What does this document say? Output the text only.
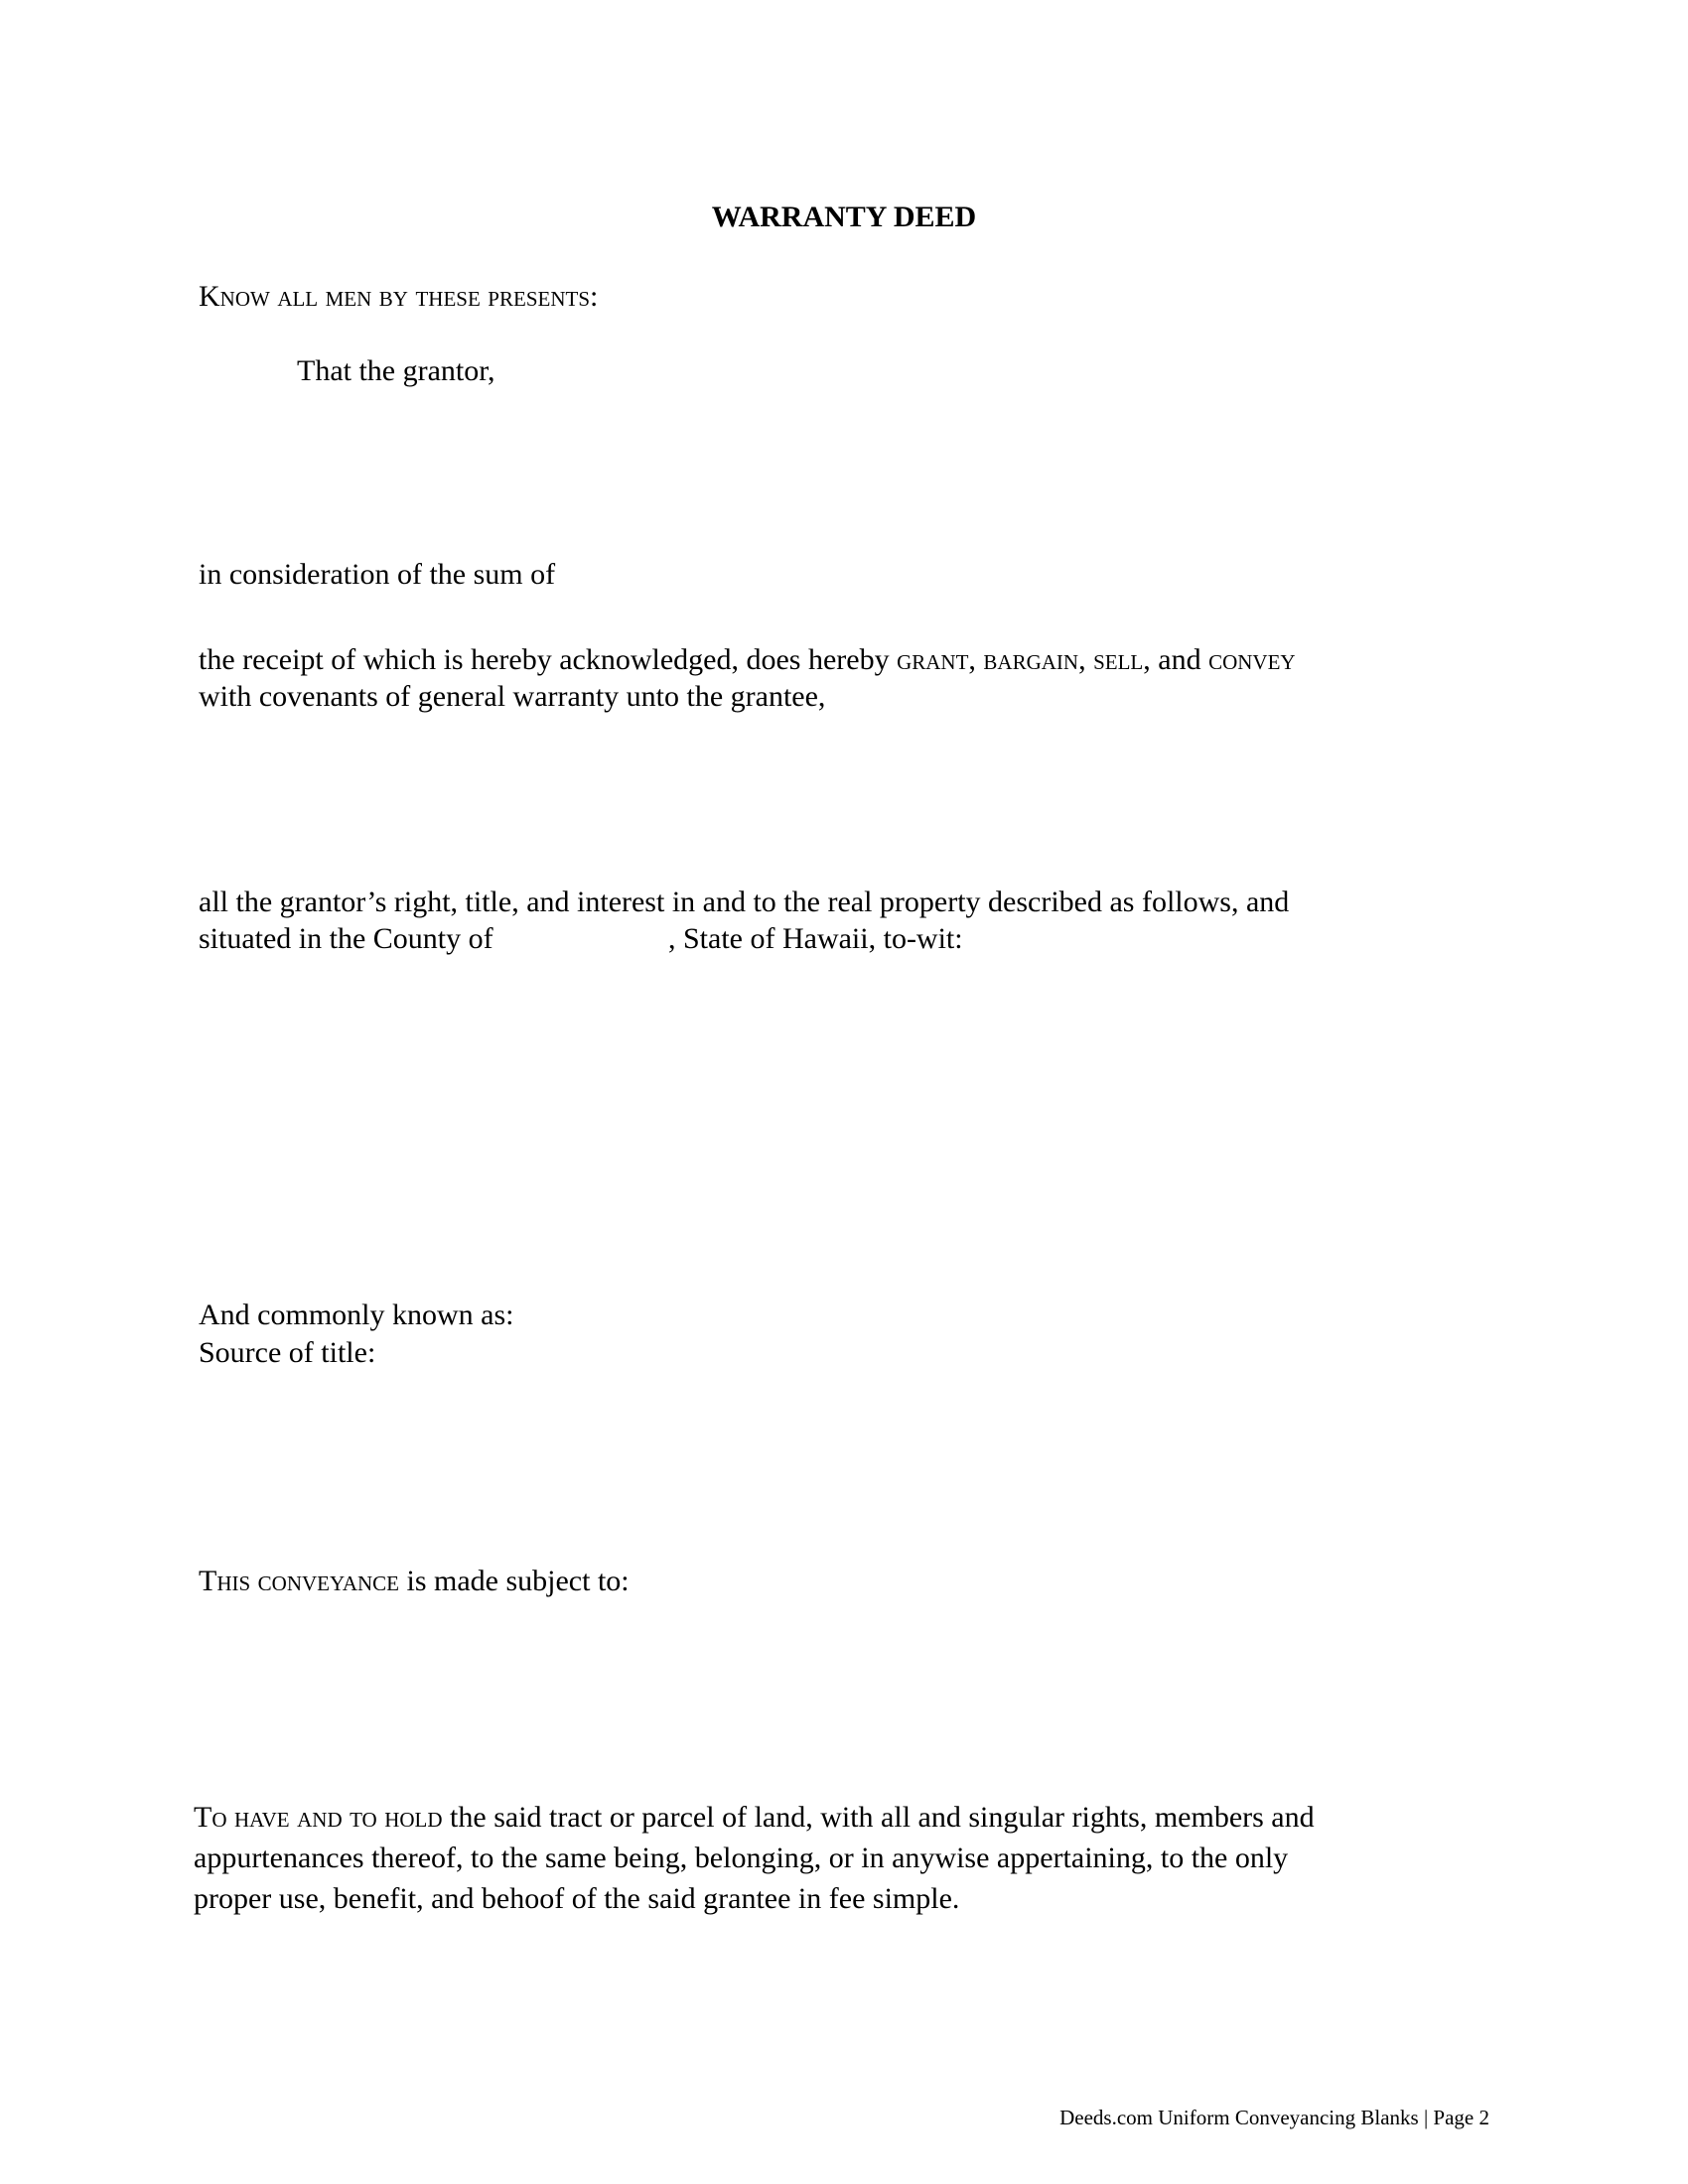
WARRANTY DEED
Know all men by these presents:
That the grantor,
in consideration of the sum of
the receipt of which is hereby acknowledged, does hereby grant, bargain, sell, and convey
with covenants of general warranty unto the grantee,
all the grantor’s right, title, and interest in and to the real property described as follows, and
situated in the County of	, State of Hawaii, to-wit:
And commonly known as:
Source of title:
This conveyance is made subject to:
To have and to hold the said tract or parcel of land, with all and singular rights, members and
appurtenances thereof, to the same being, belonging, or in anywise appertaining, to the only
proper use, benefit, and behoof of the said grantee in fee simple.
Deeds.com Uniform Conveyancing Blanks | Page 2
